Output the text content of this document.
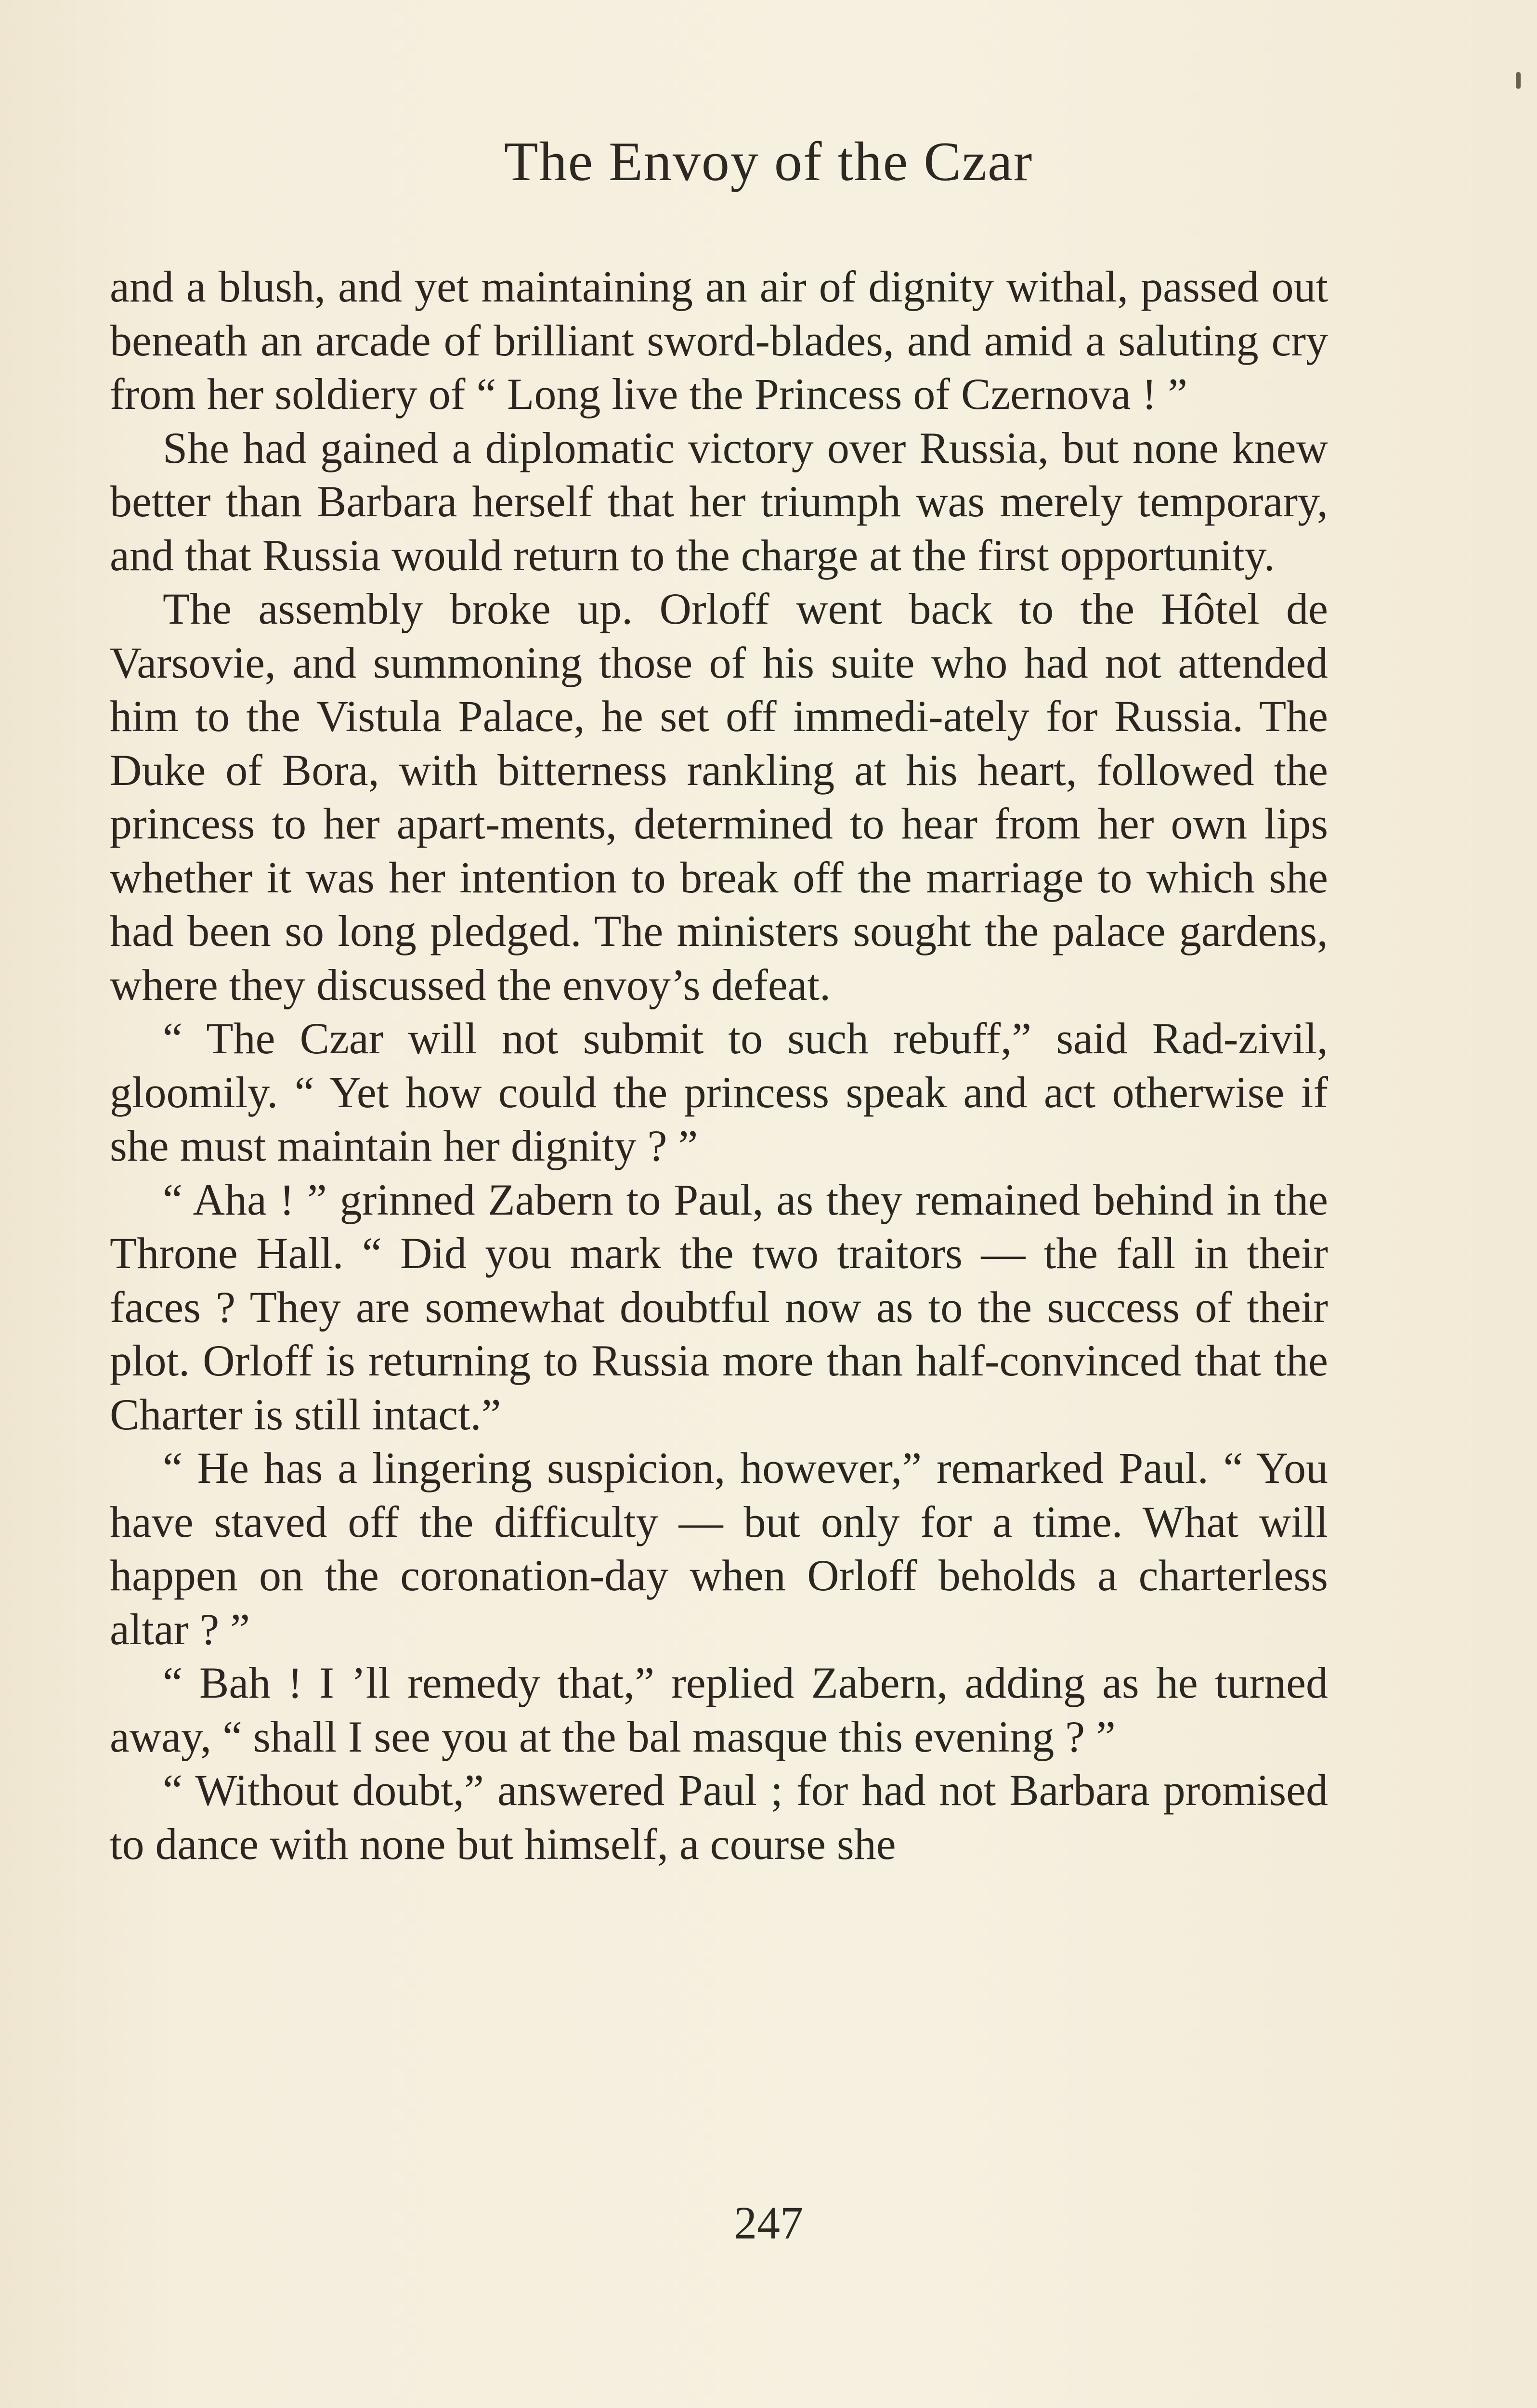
The Envoy of the Czar

and a blush, and yet maintaining an air of dignity withal, passed out beneath an arcade of brilliant sword-blades, and amid a saluting cry from her soldiery of “ Long live the Princess of Czernova ! ”

She had gained a diplomatic victory over Russia, but none knew better than Barbara herself that her triumph was merely temporary, and that Russia would return to the charge at the first opportunity.

The assembly broke up. Orloff went back to the Hôtel de Varsovie, and summoning those of his suite who had not attended him to the Vistula Palace, he set off immedi-ately for Russia. The Duke of Bora, with bitterness rankling at his heart, followed the princess to her apart-ments, determined to hear from her own lips whether it was her intention to break off the marriage to which she had been so long pledged. The ministers sought the palace gardens, where they discussed the envoy’s defeat.

“ The Czar will not submit to such rebuff,” said Rad-zivil, gloomily. “ Yet how could the princess speak and act otherwise if she must maintain her dignity ? ”

“ Aha ! ” grinned Zabern to Paul, as they remained behind in the Throne Hall. “ Did you mark the two traitors — the fall in their faces ? They are somewhat doubtful now as to the success of their plot. Orloff is returning to Russia more than half-convinced that the Charter is still intact.”

“ He has a lingering suspicion, however,” remarked Paul. “ You have staved off the difficulty — but only for a time. What will happen on the coronation-day when Orloff beholds a charterless altar ? ”

“ Bah ! I ’ll remedy that,” replied Zabern, adding as he turned away, “ shall I see you at the bal masque this evening ? ”

“ Without doubt,” answered Paul ; for had not Barbara promised to dance with none but himself, a course she

247
